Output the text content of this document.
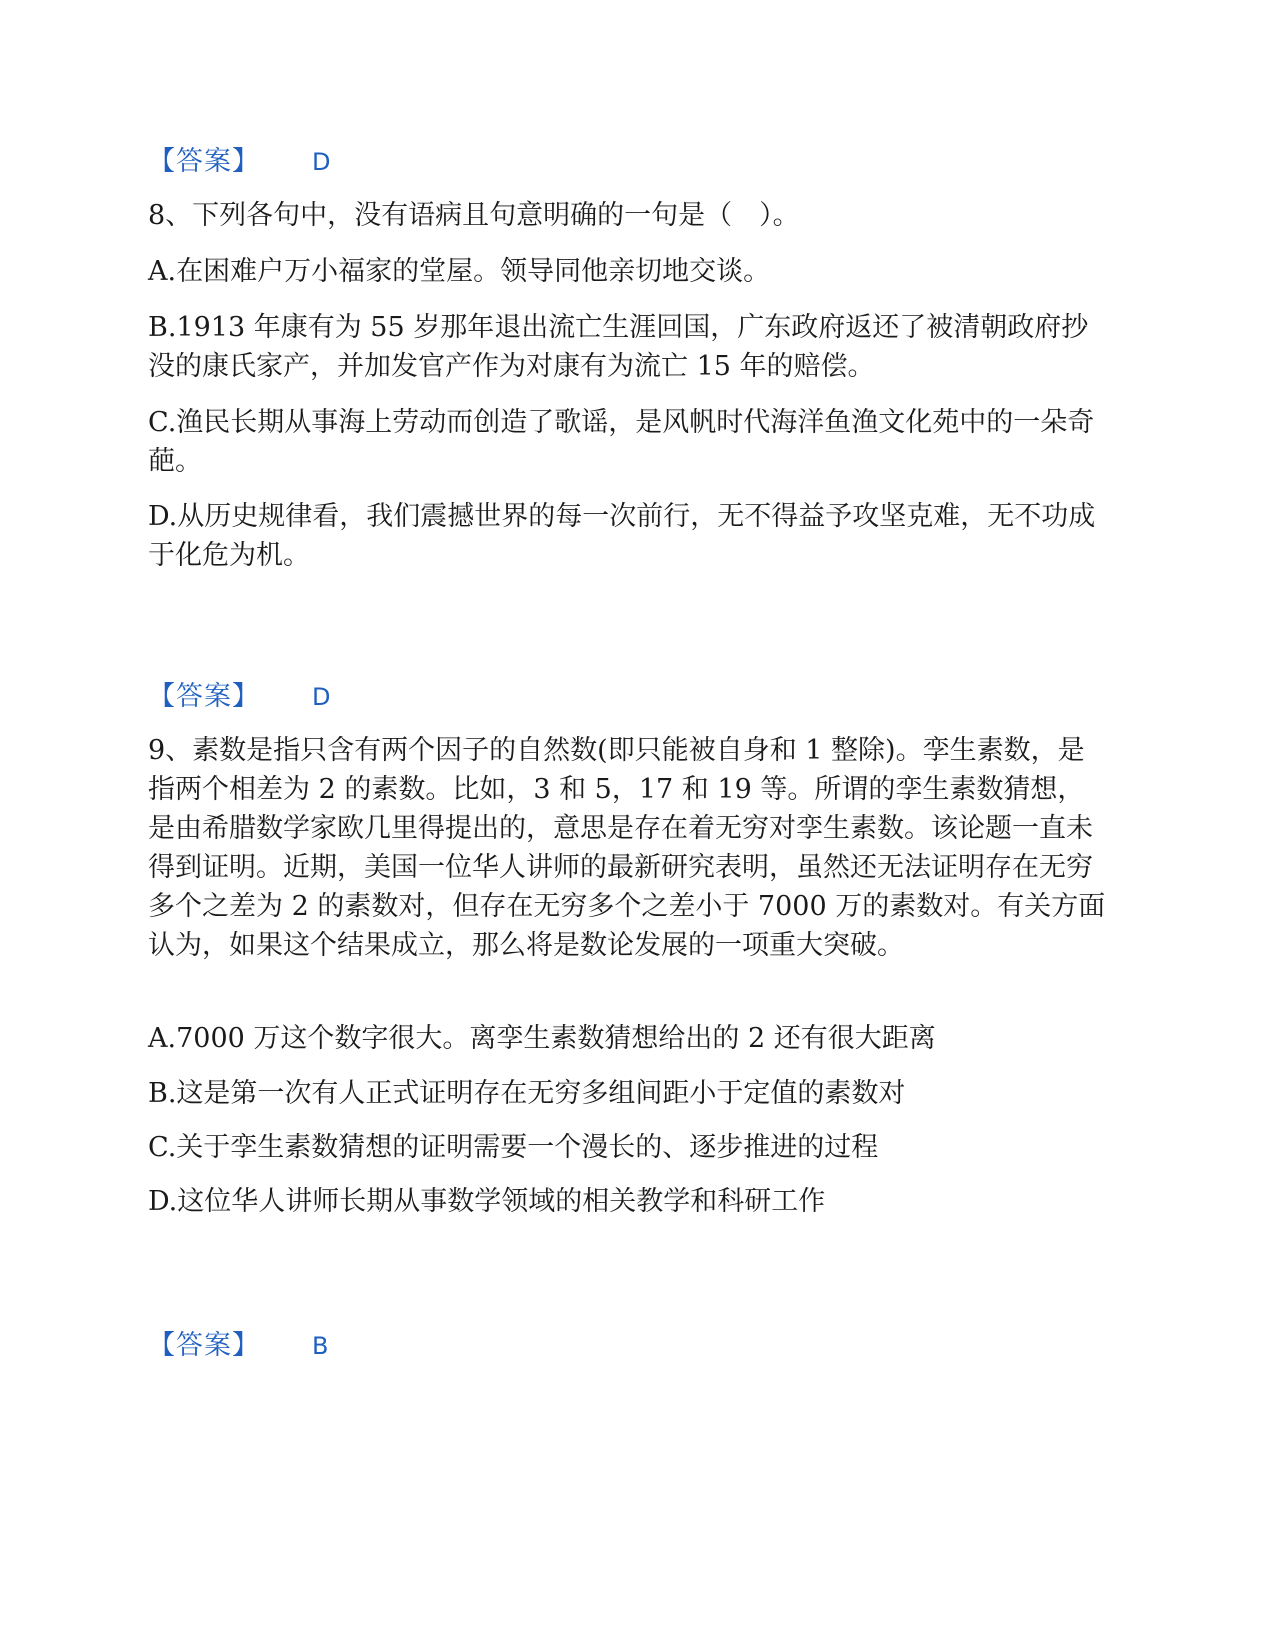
【答案】 D

8、下列各句中，没有语病且句意明确的一句是（　）。

A.在困难户万小福家的堂屋。领导同他亲切地交谈。

B.1913 年康有为 55 岁那年退出流亡生涯回国，广东政府返还了被清朝政府抄没的康氏家产，并加发官产作为对康有为流亡 15 年的赔偿。

C.渔民长期从事海上劳动而创造了歌谣，是风帆时代海洋鱼渔文化苑中的一朵奇葩。

D.从历史规律看，我们震撼世界的每一次前行，无不得益予攻坚克难，无不功成于化危为机。

【答案】 D

9、素数是指只含有两个因子的自然数(即只能被自身和 1 整除)。孪生素数，是指两个相差为 2 的素数。比如，3 和 5，17 和 19 等。所谓的孪生素数猜想，是由希腊数学家欧几里得提出的，意思是存在着无穷对孪生素数。该论题一直未得到证明。近期，美国一位华人讲师的最新研究表明，虽然还无法证明存在无穷多个之差为 2 的素数对，但存在无穷多个之差小于 7000 万的素数对。有关方面认为，如果这个结果成立，那么将是数论发展的一项重大突破。

A.7000 万这个数字很大。离孪生素数猜想给出的 2 还有很大距离

B.这是第一次有人正式证明存在无穷多组间距小于定值的素数对

C.关于孪生素数猜想的证明需要一个漫长的、逐步推进的过程

D.这位华人讲师长期从事数学领域的相关教学和科研工作

【答案】 B
